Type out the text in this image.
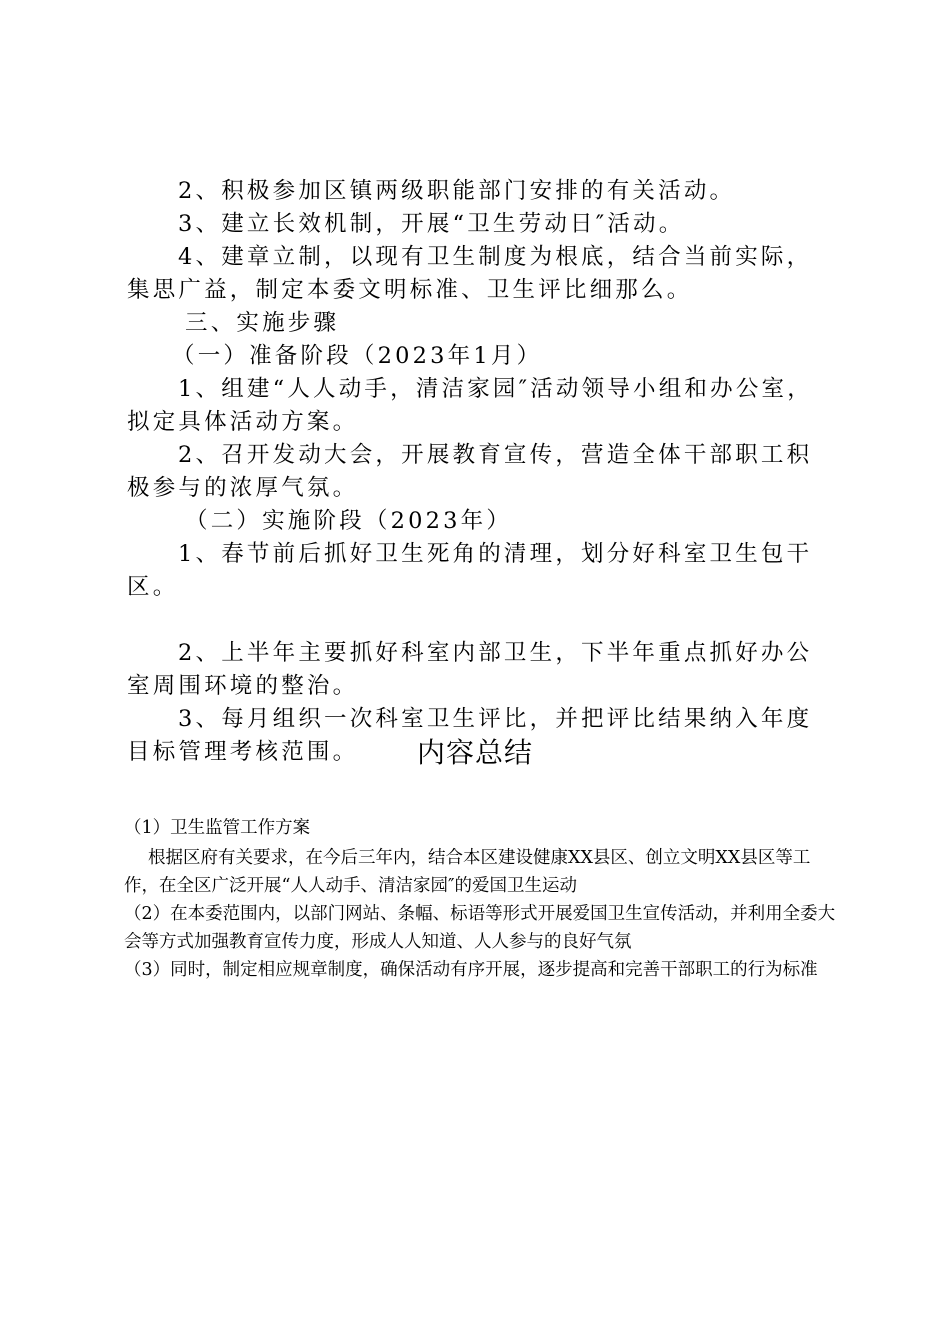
2、积极参加区镇两级职能部门安排的有关活动。

3、建立长效机制，开展“卫生劳动日″活动。

4、建章立制，以现有卫生制度为根底，结合当前实际，集思广益，制定本委文明标准、卫生评比细那么。

三、实施步骤

（一）准备阶段（2023年1月）

1、组建“人人动手，清洁家园″活动领导小组和办公室，拟定具体活动方案。

2、召开发动大会，开展教育宣传，营造全体干部职工积极参与的浓厚气氛。

（二）实施阶段（2023年）

1、春节前后抓好卫生死角的清理，划分好科室卫生包干区。

2、上半年主要抓好科室内部卫生，下半年重点抓好办公室周围环境的整治。

3、每月组织一次科室卫生评比，并把评比结果纳入年度目标管理考核范围。	内容总结

（1）卫生监管工作方案

根据区府有关要求，在今后三年内，结合本区建设健康XX县区、创立文明XX县区等工作，在全区广泛开展“人人动手、清洁家园″的爱国卫生运动

（2）在本委范围内，以部门网站、条幅、标语等形式开展爱国卫生宣传活动，并利用全委大会等方式加强教育宣传力度，形成人人知道、人人参与的良好气氛

（3）同时，制定相应规章制度，确保活动有序开展，逐步提高和完善干部职工的行为标准
